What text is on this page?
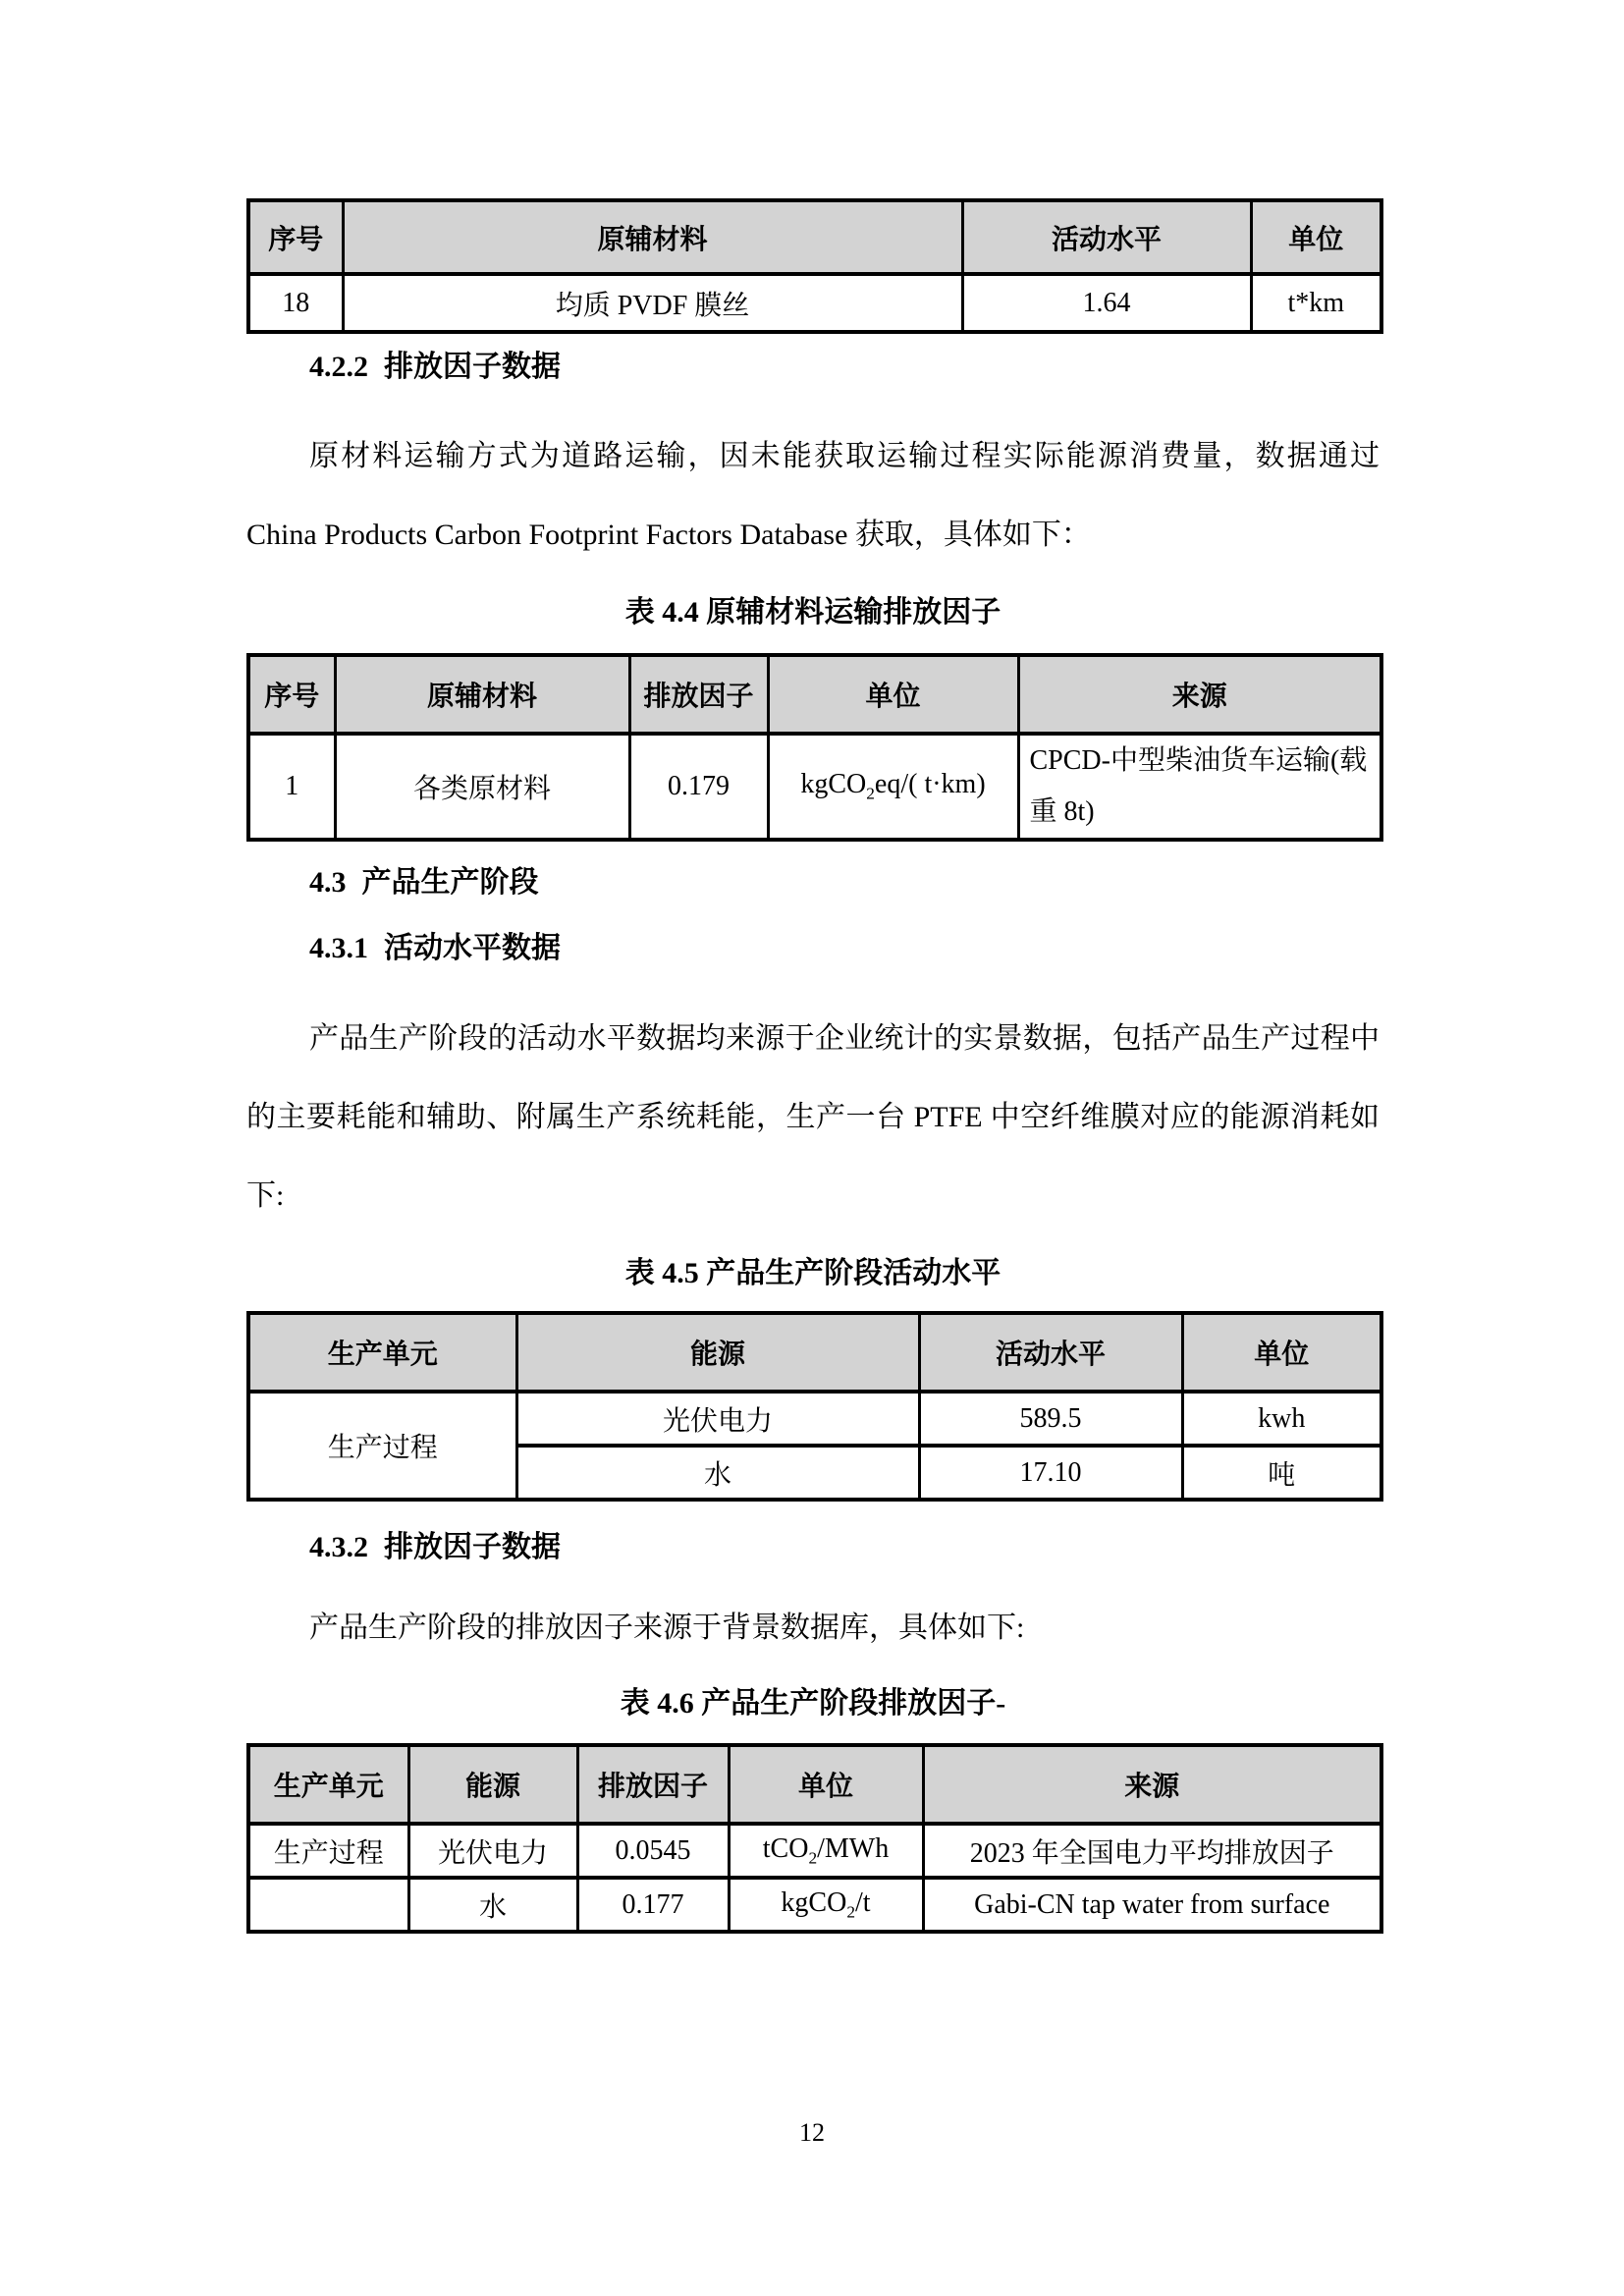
序号	原辅材料	活动水平	单位
18	均质 PVDF 膜丝	1.64	t*km
4.2.2 排放因子数据
原材料运输方式为道路运输，因未能获取运输过程实际能源消费量，数据通过 China Products Carbon Footprint Factors Database 获取，具体如下：
表 4.4 原辅材料运输排放因子
序号	原辅材料	排放因子	单位	来源
1	各类原材料	0.179	kgCO$_2$eq/( t·km)	CPCD-中型柴油货车运输(载重 8t)
4.3 产品生产阶段
4.3.1 活动水平数据
产品生产阶段的活动水平数据均来源于企业统计的实景数据，包括产品生产过程中的主要耗能和辅助、附属生产系统耗能，生产一台 PTFE 中空纤维膜对应的能源消耗如下:
表 4.5 产品生产阶段活动水平
生产单元	能源	活动水平	单位
生产过程	光伏电力	589.5	kwh
	水	17.10	吨
4.3.2 排放因子数据
产品生产阶段的排放因子来源于背景数据库，具体如下:
表 4.6 产品生产阶段排放因子-
生产单元	能源	排放因子	单位	来源
生产过程	光伏电力	0.0545	tCO$_2$/MWh	2023 年全国电力平均排放因子
	水	0.177	kgCO$_2$/t	Gabi-CN tap water from surface
12
